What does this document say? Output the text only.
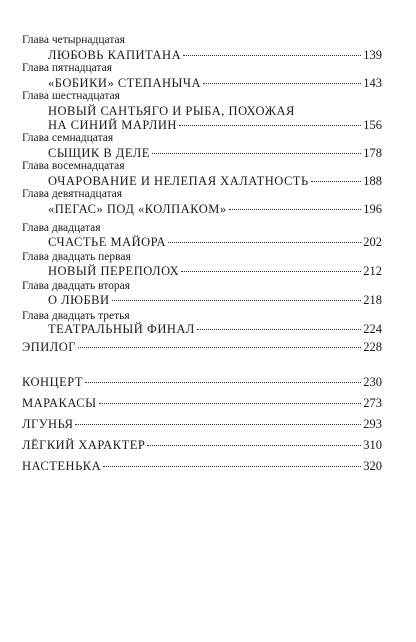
Глава четырнадцатая
ЛЮБОВЬ КАПИТАНА	139
Глава пятнадцатая
«БОБИКИ» СТЕПАНЫЧА	143
Глава шестнадцатая
НОВЫЙ САНТЬЯГО И РЫБА, ПОХОЖАЯ
НА СИНИЙ МАРЛИН	156
Глава семнадцатая
СЫЩИК В ДЕЛЕ	178
Глава восемнадцатая
ОЧАРОВАНИЕ И НЕЛЕПАЯ ХАЛАТНОСТЬ	188
Глава девятнадцатая
«ПЕГАС» ПОД «КОЛПАКОМ»	196
Глава двадцатая
СЧАСТЬЕ МАЙОРА	202
Глава двадцать первая
НОВЫЙ ПЕРЕПОЛОХ	212
Глава двадцать вторая
О ЛЮБВИ	218
Глава двадцать третья
ТЕАТРАЛЬНЫЙ ФИНАЛ	224
ЭПИЛОГ	228
КОНЦЕРТ	230
МАРАКАСЫ	273
ЛГУНЬЯ	293
ЛЁГКИЙ ХАРАКТЕР	310
НАСТЕНЬКА	320
